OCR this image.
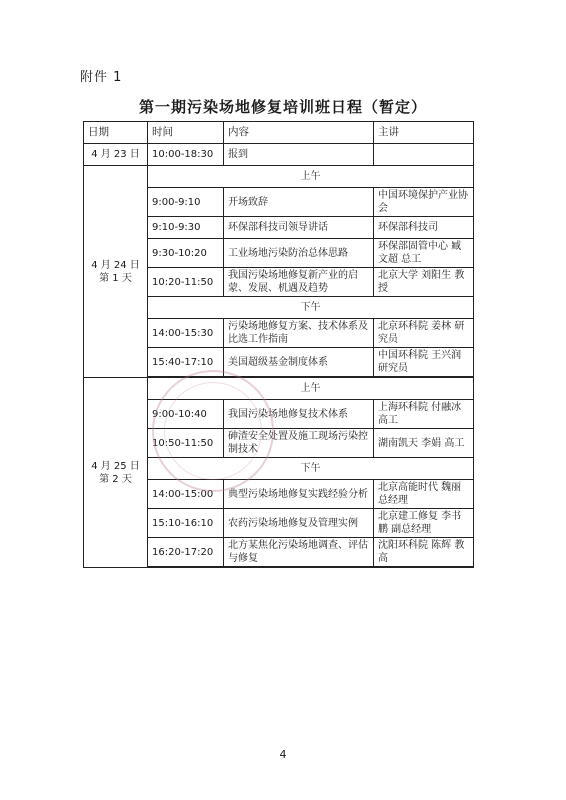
附件 1
第一期污染场地修复培训班日程（暂定）
日期	时间	内容	主讲
4 月 23 日	10:00-18:30	报到	

4 月 24 日
第 1 天	上午		
	9:00-9:10	开场致辞	中国环境保护产业协会
	9:10-9:30	环保部科技司领导讲话	环保部科技司
	9:30-10:20	工业场地污染防治总体思路	环保部固管中心 臧文超 总工
	10:20-11:50	我国污染场地修复新产业的启蒙、发展、机遇及趋势	北京大学 刘阳生 教授
	下午		
	14:00-15:30	污染场地修复方案、技术体系及比选工作指南	北京环科院 姜林 研究员
	15:40-17:10	美国超级基金制度体系	中国环科院 王兴润 研究员

4 月 25 日
第 2 天	上午		
	9:00-10:40	我国污染场地修复技术体系	上海环科院 付融冰 高工
	10:50-11:50	砷渣安全处置及施工现场污染控制技术	湖南凯天 李娟 高工
	下午		
	14:00-15:00	典型污染场地修复实践经验分析	北京高能时代 魏丽 总经理
	15:10-16:10	农药污染场地修复及管理实例	北京建工修复 李书鹏 副总经理
	16:20-17:20	北方某焦化污染场地调查、评估与修复	沈阳环科院 陈辉 教高

4
